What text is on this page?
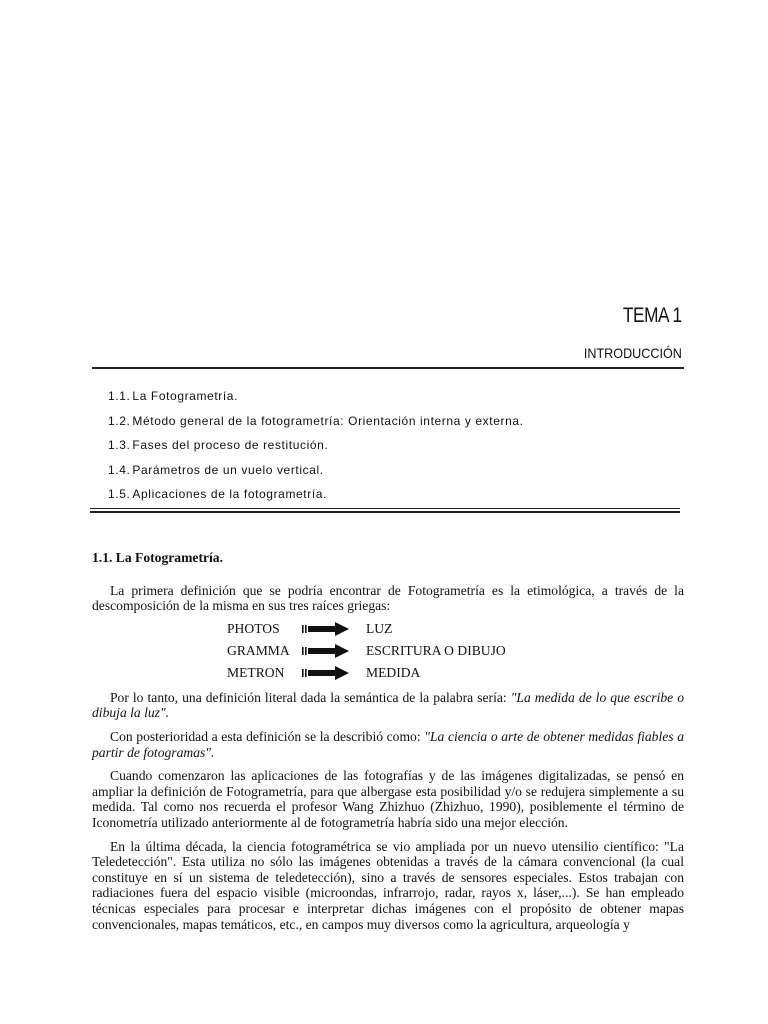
TEMA 1
INTRODUCCIÓN
1.1. La Fotogrametría.
1.2. Método general de la fotogrametría: Orientación interna y externa.
1.3. Fases del proceso de restitución.
1.4. Parámetros de un vuelo vertical.
1.5. Aplicaciones de la fotogrametría.
1.1. La Fotogrametría.

La primera definición que se podría encontrar de Fotogrametría es la etimológica, a través de la descomposición de la misma en sus tres raíces griegas:

PHOTOS	LUZ
GRAMMA	ESCRITURA O DIBUJO
METRON	MEDIDA

Por lo tanto, una definición literal dada la semántica de la palabra sería: "La medida de lo que escribe o dibuja la luz".

Con posterioridad a esta definición se la describió como: "La ciencia o arte de obtener medidas fiables a partir de fotogramas".

Cuando comenzaron las aplicaciones de las fotografías y de las imágenes digitalizadas, se pensó en ampliar la definición de Fotogrametría, para que albergase esta posibilidad y/o se redujera simplemente a su medida. Tal como nos recuerda el profesor Wang Zhizhuo (Zhizhuo, 1990), posiblemente el término de Iconometría utilizado anteriormente al de fotogrametría habría sido una mejor elección.

En la última década, la ciencia fotogramétrica se vio ampliada por un nuevo utensilio científico: "La Teledetección". Esta utiliza no sólo las imágenes obtenidas a través de la cámara convencional (la cual constituye en sí un sistema de teledetección), sino a través de sensores especiales. Estos trabajan con radiaciones fuera del espacio visible (microondas, infrarrojo, radar, rayos x, láser,...). Se han empleado técnicas especiales para procesar e interpretar dichas imágenes con el propósito de obtener mapas convencionales, mapas temáticos, etc., en campos muy diversos como la agricultura, arqueología y
